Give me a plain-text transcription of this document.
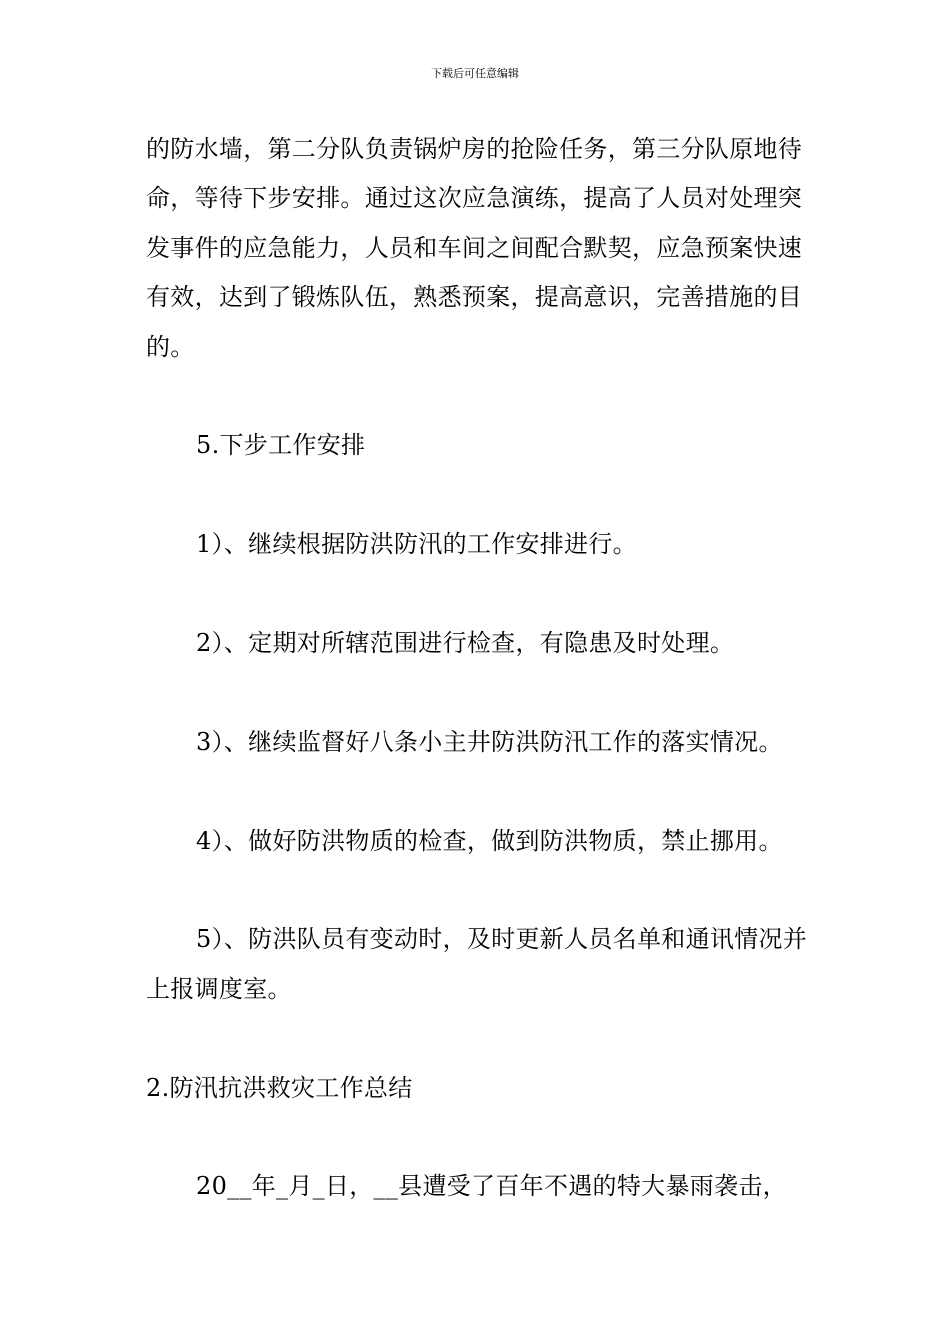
下载后可任意编辑

的防水墙，第二分队负责锅炉房的抢险任务，第三分队原地待命，等待下步安排。通过这次应急演练，提高了人员对处理突发事件的应急能力，人员和车间之间配合默契，应急预案快速有效，达到了锻炼队伍，熟悉预案，提高意识，完善措施的目的。

5.下步工作安排

1）、继续根据防洪防汛的工作安排进行。

2）、定期对所辖范围进行检查，有隐患及时处理。

3）、继续监督好八条小主井防洪防汛工作的落实情况。

4）、做好防洪物质的检查，做到防洪物质，禁止挪用。

5）、防洪队员有变动时，及时更新人员名单和通讯情况并上报调度室。

2.防汛抗洪救灾工作总结

20__年_月_日，__县遭受了百年不遇的特大暴雨袭击，
